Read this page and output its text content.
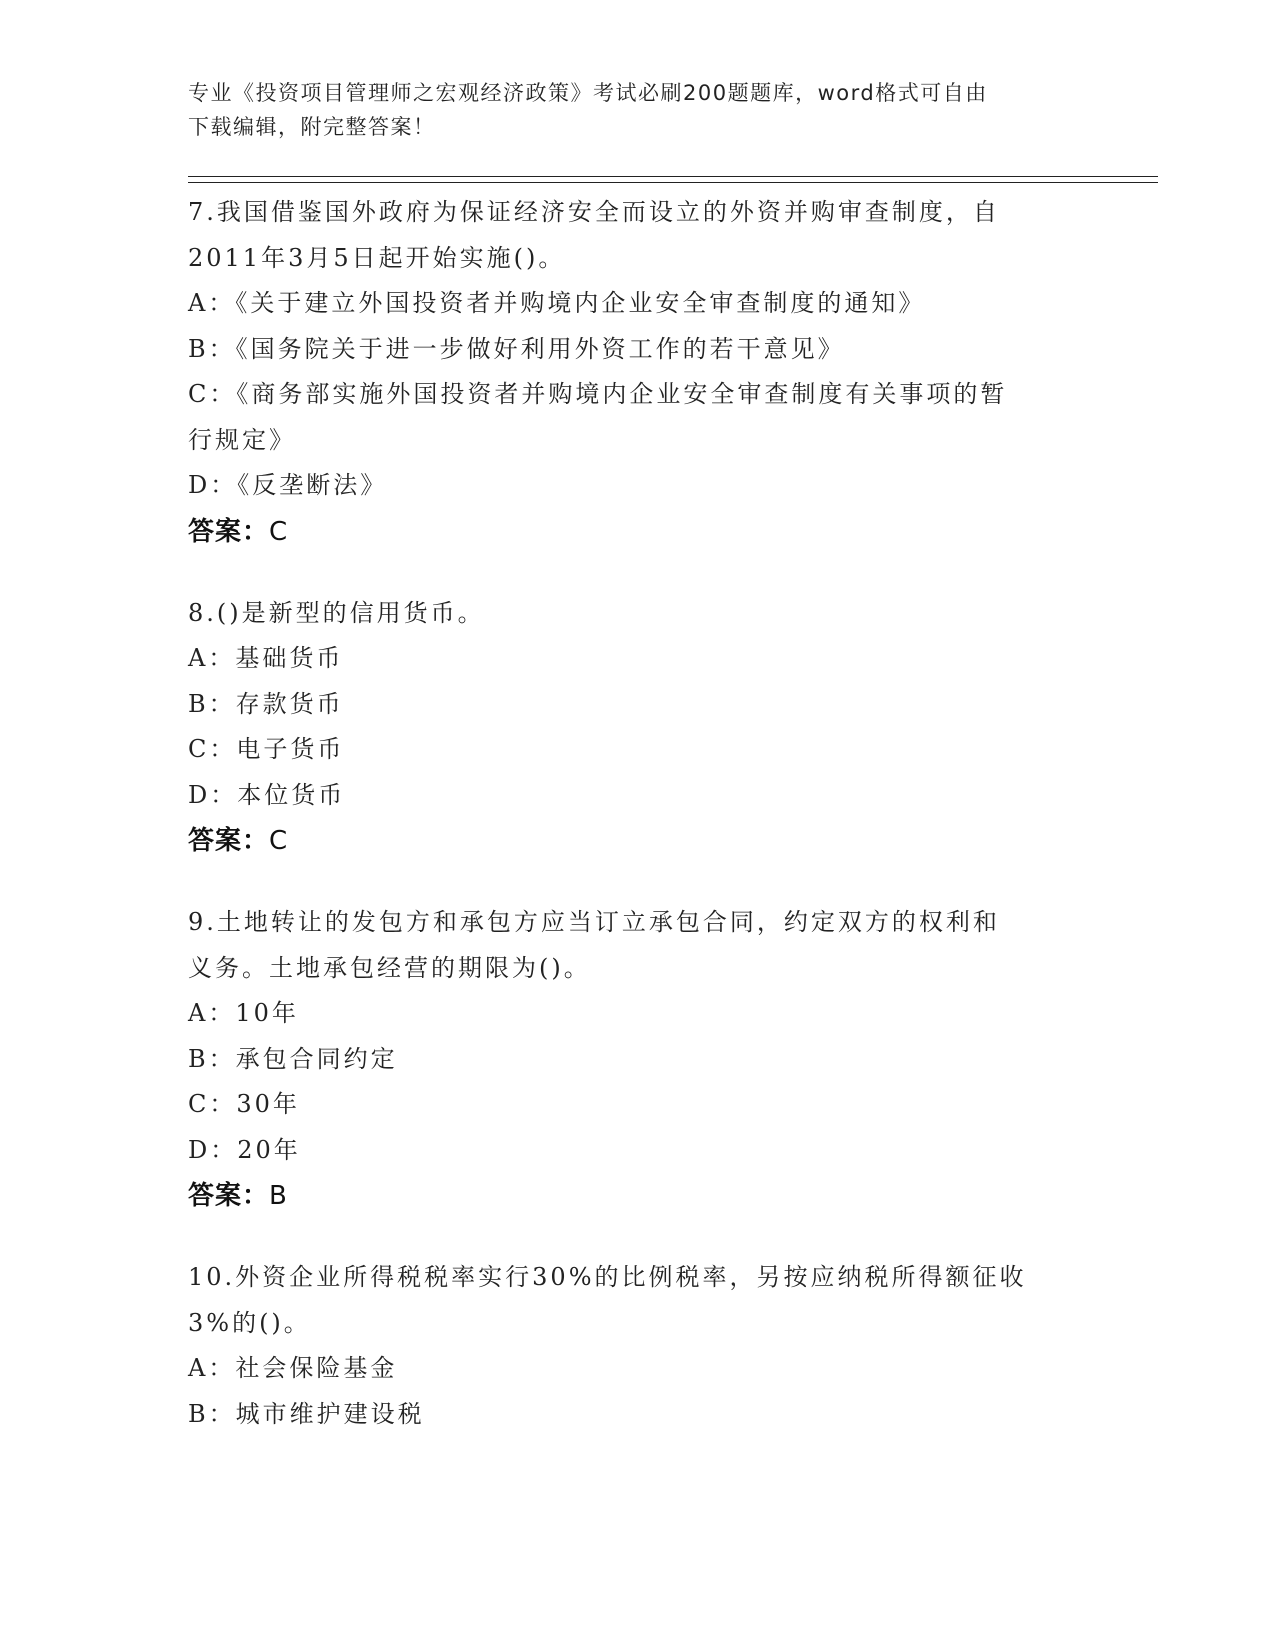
专业《投资项目管理师之宏观经济政策》考试必刷200题题库，word格式可自由
下载编辑，附完整答案！
7.我国借鉴国外政府为保证经济安全而设立的外资并购审查制度，自
2011年3月5日起开始实施()。
A：《关于建立外国投资者并购境内企业安全审查制度的通知》
B：《国务院关于进一步做好利用外资工作的若干意见》
C：《商务部实施外国投资者并购境内企业安全审查制度有关事项的暂
行规定》
D：《反垄断法》
答案：C
8.()是新型的信用货币。
A：基础货币
B：存款货币
C：电子货币
D：本位货币
答案：C
9.土地转让的发包方和承包方应当订立承包合同，约定双方的权利和
义务。土地承包经营的期限为()。
A：10年
B：承包合同约定
C：30年
D：20年
答案：B
10.外资企业所得税税率实行30%的比例税率，另按应纳税所得额征收
3%的()。
A：社会保险基金
B：城市维护建设税
